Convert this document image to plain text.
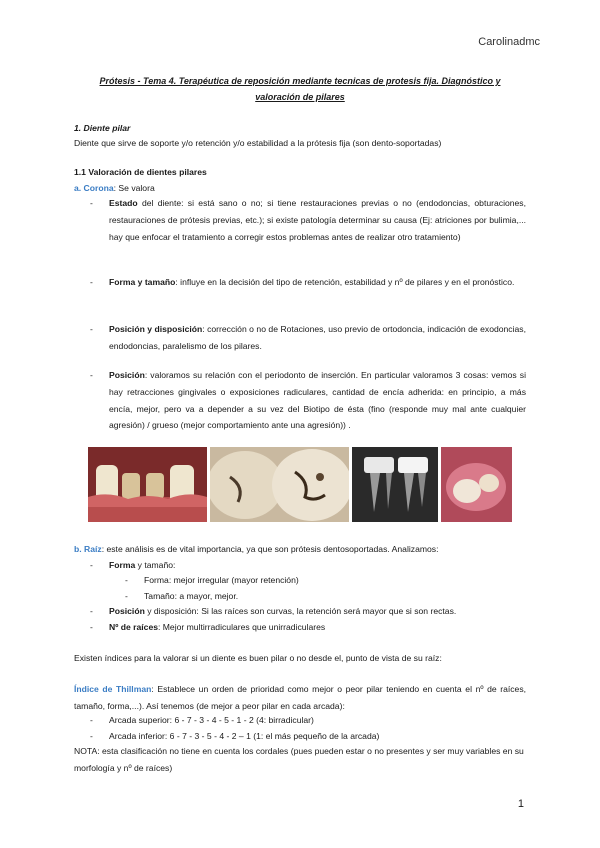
Carolinadmc
Prótesis - Tema 4. Terapéutica de reposición mediante tecnicas de protesis fija. Diagnóstico y
valoración de pilares
1. Diente pilar
Diente que sirve de soporte y/o retención y/o estabilidad a la prótesis fija (son dento-soportadas)
1.1 Valoración de dientes pilares
a. Corona: Se valora
- Estado del diente: si está sano o no; si tiene restauraciones previas o no (endodoncias, obturaciones, restauraciones de prótesis previas, etc.); si existe patología determinar su causa (Ej: atriciones por bulimia,... hay que enfocar el tratamiento a corregir estos problemas antes de realizar otro tratamiento)
- Forma y tamaño: influye en la decisión del tipo de retención, estabilidad y nº de pilares y en el pronóstico.
- Posición y disposición: corrección o no de Rotaciones, uso previo de ortodoncia, indicación de exodoncias, endodoncias, paralelismo de los pilares.
- Posición: valoramos su relación con el periodonto de inserción. En particular valoramos 3 cosas: vemos si hay retracciones gingivales o exposiciones radiculares, cantidad de encía adherida: en principio, a más encía, mejor, pero va a depender a su vez del Biotipo de ésta (fino (responde muy mal ante cualquier agresión) / grueso (mejor comportamiento ante una agresión)) .
b. Raíz: este análisis es de vital importancia, ya que son prótesis dentosoportadas. Analizamos:
- Forma y tamaño:
- Forma: mejor irregular (mayor retención)
- Tamaño: a mayor, mejor.
- Posición y disposición: Si las raíces son curvas, la retención será mayor que si son rectas.
- Nº de raíces: Mejor multirradiculares que unirradiculares
Existen índices para la valorar si un diente es buen pilar o no desde el, punto de vista de su raíz:
Índice de Thillman: Establece un orden de prioridad como mejor o peor pilar teniendo en cuenta el nº de raíces, tamaño, forma,...). Así tenemos (de mejor a peor pilar en cada arcada):
- Arcada superior: 6 - 7 - 3 - 4 - 5 - 1 - 2 (4: birradicular)
- Arcada inferior: 6 - 7 - 3 - 5 - 4 - 2 – 1 (1: el más pequeño de la arcada)
NOTA: esta clasificación no tiene en cuenta los cordales (pues pueden estar o no presentes y ser muy variables en su morfología y nº de raíces)
1
